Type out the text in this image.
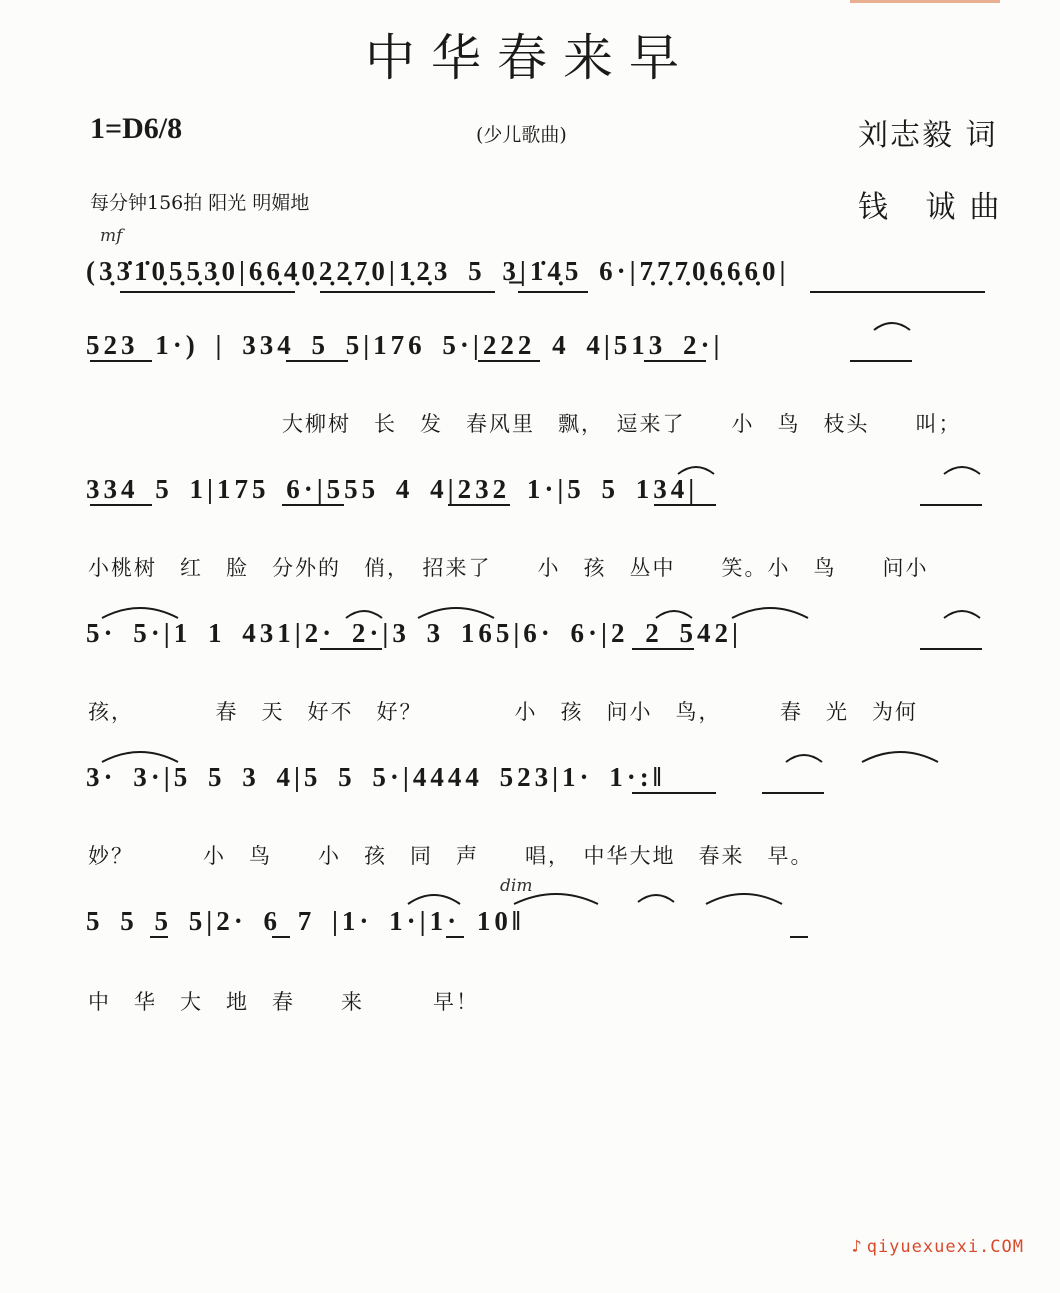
中华春来早
1=D6/8	(少儿歌曲)	刘志毅 词
每分钟156拍 阳光 明媚地	钱 诚曲
mf
dim
(3̣3̇1̇0̣5̣5̣3̣0|6̣6̣4̣0̣2̣2̣7̣0|1̣2̣3 5 3̲|1̇4̣5 6·|7̣7̣7̣0̣6̣6̣6̣0|
523 1·) | 334 5 5|176 5·|222 4 4|513 2·|
大柳树　长　发　春风里　飘，　逗来了　　小　鸟　枝头　　叫；
334 5 1|175 6·|555 4 4|232 1·|5 5 134|
小桃树　红　脸　分外的　俏，　招来了　　小　孩　丛中　　笑。小　鸟　　问小
5· 5·|1 1 431|2· 2·|3 3 165|6· 6·|2 2 542|
孩，　　　　春　天　好不　好？　　　　小　孩　问小　鸟，　　　春　光　为何
3· 3·|5 5 3 4|5 5 5·|4444 523|1· 1·:‖
妙？　　　小　鸟　　小　孩　同　声　　唱，　中华大地　春来　早。
5 5 5 5|2· 6 7 |1· 1·|1· 10‖
中　华　大　地　春　　来　　　早！
♪ qiyuexuexi.COM
